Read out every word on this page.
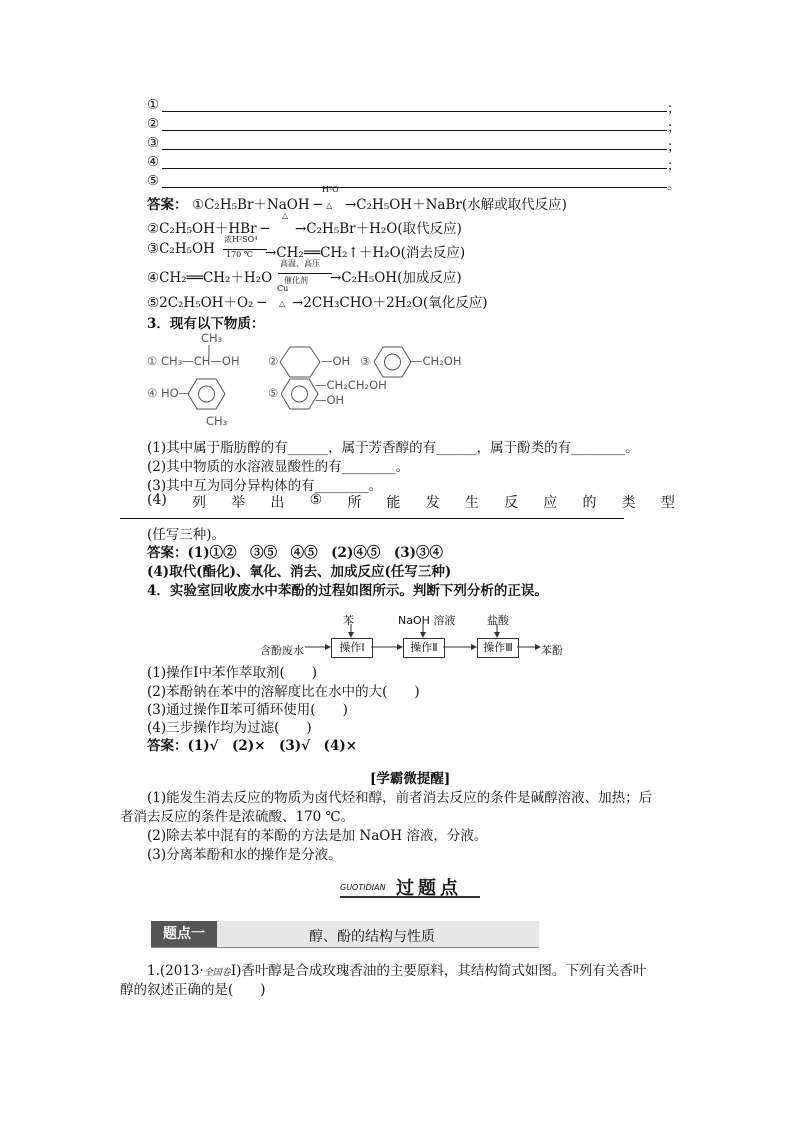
①	；
②	；
③	；
④	；
⑤	。
答案： ①C₂H₅Br＋NaOH ─
H²O
△ →C₂H₅OH＋NaBr(水解或取代反应)
②C₂H₅OH＋HBr ─
△
→C₂H₅Br＋H₂O(取代反应)
③C₂H₅OH
浓H²SO⁴
170 ℃ →CH₂══CH₂↑＋H₂O(消去反应)
④CH₂══CH₂＋H₂O
高温、高压
催化剂 →C₂H₅OH(加成反应)
⑤2C₂H₅OH＋O₂ ─
Cu
△ →2CH₃CHO＋2H₂O(氧化反应)
3．现有以下物质：
CH₃
|
① CH₃—CH—OH ②	—OH ③	—CH₂OH
④ HO—
CH₃
⑤
—CH₂CH₂OH
—OH
(1)其中属于脂肪醇的有______，属于芳香醇的有______，属于酚类的有________。
(2)其中物质的水溶液显酸性的有________。
(3)其中互为同分异构体的有________。
(4) 列 举 出 ⑤ 所 能 发 生 反 应 的 类 型
(任写三种)。
答案：(1)①②　③⑤　④⑤　(2)④⑤　(3)③④
(4)取代(酯化)、氧化、消去、加成反应(任写三种)
4．实验室回收废水中苯酚的过程如图所示。判断下列分析的正误。
含酚废水
苯	NaOH 溶液	盐酸
操作Ⅰ	操作Ⅱ	操作Ⅲ	苯酚
(1)操作Ⅰ中苯作萃取剂(　　)
(2)苯酚钠在苯中的溶解度比在水中的大(　　)
(3)通过操作Ⅱ苯可循环使用(　　)
(4)三步操作均为过滤(　　)
答案：(1)√　(2)×　(3)√　(4)×
[学霸微提醒]
(1)能发生消去反应的物质为卤代烃和醇，前者消去反应的条件是碱醇溶液、加热；后
者消去反应的条件是浓硫酸、170 ℃。
(2)除去苯中混有的苯酚的方法是加 NaOH 溶液，分液。
(3)分离苯酚和水的操作是分液。
GUOTIDIAN 过题点
题点一	醇、酚的结构与性质
1.(2013·全国卷Ⅰ)香叶醇是合成玫瑰香油的主要原料，其结构简式如图。下列有关香叶
醇的叙述正确的是(　　)
